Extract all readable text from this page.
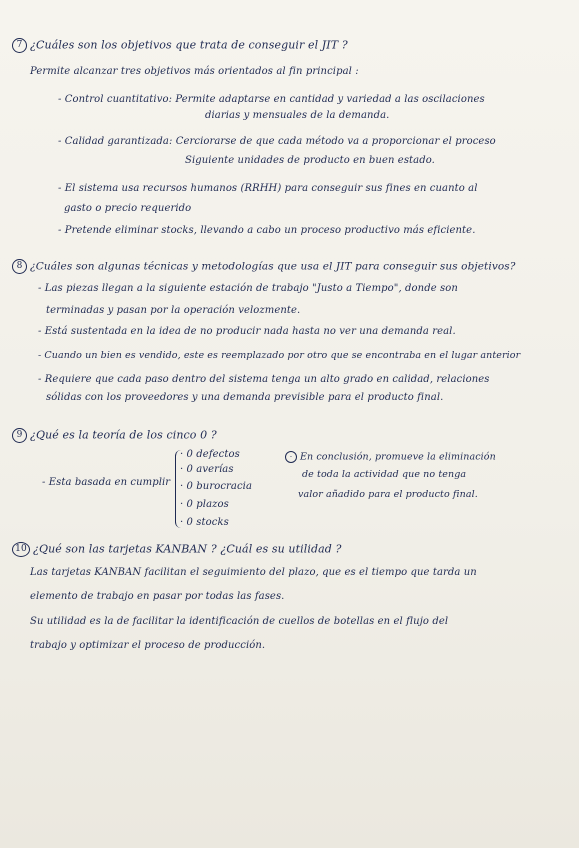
7 ¿Cuáles son los objetivos que trata de conseguir el JIT ?
Permite alcanzar tres objetivos más orientados al fin principal :
- Control cuantitativo: Permite adaptarse en cantidad y variedad a las oscilaciones
diarias y mensuales de la demanda.
- Calidad garantizada: Cerciorarse de que cada método va a proporcionar el proceso
Siguiente unidades de producto en buen estado.
- El sistema usa recursos humanos (RRHH) para conseguir sus fines en cuanto al
gasto o precio requerido
- Pretende eliminar stocks, llevando a cabo un proceso productivo más eficiente.
8 ¿Cuáles son algunas técnicas y metodologías que usa el JIT para conseguir sus objetivos?
- Las piezas llegan a la siguiente estación de trabajo "Justo a Tiempo", donde son
terminadas y pasan por la operación velozmente.
- Está sustentada en la idea de no producir nada hasta no ver una demanda real.
- Cuando un bien es vendido, este es reemplazado por otro que se encontraba en el lugar anterior
- Requiere que cada paso dentro del sistema tenga un alto grado en calidad, relaciones
sólidas con los proveedores y una demanda previsible para el producto final.
9 ¿Qué es la teoría de los cinco 0 ?
- Esta basada en cumplir
· 0 defectos
· 0 averías
· 0 burocracia
· 0 plazos
· 0 stocks
· En conclusión, promueve la eliminación
de toda la actividad que no tenga
valor añadido para el producto final.
10 ¿Qué son las tarjetas KANBAN ? ¿Cuál es su utilidad ?
Las tarjetas KANBAN facilitan el seguimiento del plazo, que es el tiempo que tarda un
elemento de trabajo en pasar por todas las fases.
Su utilidad es la de facilitar la identificación de cuellos de botellas en el flujo del
trabajo y optimizar el proceso de producción.
